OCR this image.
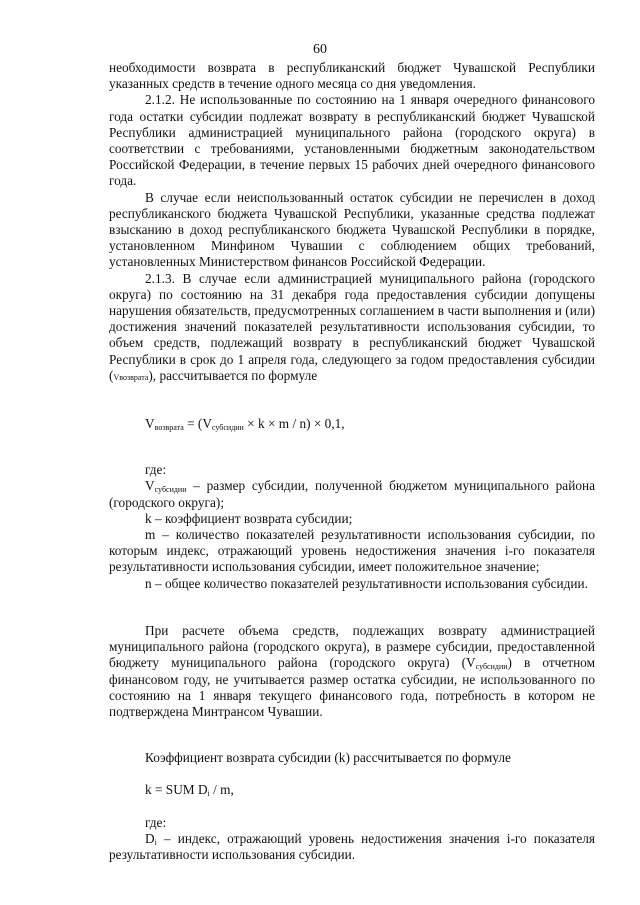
60

необходимости возврата в республиканский бюджет Чувашской Республики указанных средств в течение одного месяца со дня уведомления.

2.1.2. Не использованные по состоянию на 1 января очередного финансового года остатки субсидии подлежат возврату в республиканский бюджет Чувашской Республики администрацией муниципального района (городского округа) в соответствии с требованиями, установленными бюджетным законодательством Российской Федерации, в течение первых 15 рабочих дней очередного финансового года.

В случае если неиспользованный остаток субсидии не перечислен в доход республиканского бюджета Чувашской Республики, указанные средства подлежат взысканию в доход республиканского бюджета Чувашской Республики в порядке, установленном Минфином Чувашии с соблюдением общих требований, установленных Министерством финансов Российской Федерации.

2.1.3. В случае если администрацией муниципального района (городского округа) по состоянию на 31 декабря года предоставления субсидии допущены нарушения обязательств, предусмотренных соглашением в части выполнения и (или) достижения значений показателей результативности использования субсидии, то объем средств, подлежащий возврату в республиканский бюджет Чувашской Республики в срок до 1 апреля года, следующего за годом предоставления субсидии (Vвозврата), рассчитывается по формуле

$V_{возврата} = (V_{субсидии} \times k \times m / n) \times 0,1$,

где:

$V_{субсидии}$ – размер субсидии, полученной бюджетом муниципального района (городского округа);

k – коэффициент возврата субсидии;

m – количество показателей результативности использования субсидии, по которым индекс, отражающий уровень недостижения значения i-го показателя результативности использования субсидии, имеет положительное значение;

n – общее количество показателей результативности использования субсидии.

При расчете объема средств, подлежащих возврату администрацией муниципального района (городского округа), в размере субсидии, предоставленной бюджету муниципального района (городского округа) $(V_{субсидии})$ в отчетном финансовом году, не учитывается размер остатка субсидии, не использованного по состоянию на 1 января текущего финансового года, потребность в котором не подтверждена Минтрансом Чувашии.

Коэффициент возврата субсидии (k) рассчитывается по формуле

k = SUM $D_i$ / m,

где:

$D_i$ – индекс, отражающий уровень недостижения значения i-го показателя результативности использования субсидии.
